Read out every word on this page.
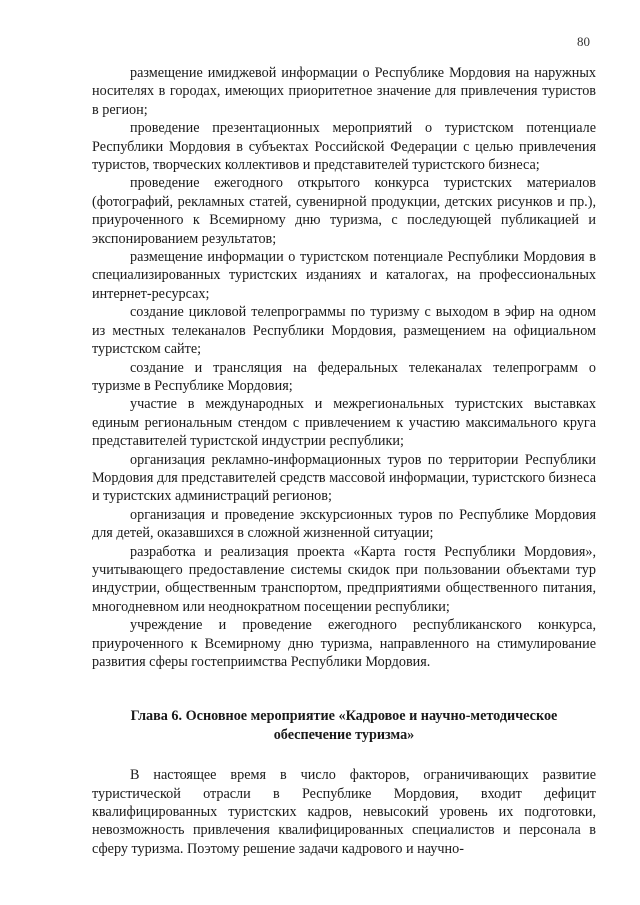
80

размещение имиджевой информации о Республике Мордовия на наружных носителях в городах, имеющих приоритетное значение для привлечения туристов в регион;

проведение презентационных мероприятий о туристском потенциале Республики Мордовия в субъектах Российской Федерации с целью привлечения туристов, творческих коллективов и представителей туристского бизнеса;

проведение ежегодного открытого конкурса туристских материалов (фотографий, рекламных статей, сувенирной продукции, детских рисунков и пр.), приуроченного к Всемирному дню туризма, с последующей публикацией и экспонированием результатов;

размещение информации о туристском потенциале Республики Мордовия в специализированных туристских изданиях и каталогах, на профессиональных интернет-ресурсах;

создание цикловой телепрограммы по туризму с выходом в эфир на одном из местных телеканалов Республики Мордовия, размещением на официальном туристском сайте;

создание и трансляция на федеральных телеканалах телепрограмм о туризме в Республике Мордовия;

участие в международных и межрегиональных туристских выставках единым региональным стендом с привлечением к участию максимального круга представителей туристской индустрии республики;

организация рекламно-информационных туров по территории Республики Мордовия для представителей средств массовой информации, туристского бизнеса и туристских администраций регионов;

организация и проведение экскурсионных туров по Республике Мордовия для детей, оказавшихся в сложной жизненной ситуации;

разработка и реализация проекта «Карта гостя Республики Мордовия», учитывающего предоставление системы скидок при пользовании объектами тур индустрии, общественным транспортом, предприятиями общественного питания, многодневном или неоднократном посещении республики;

учреждение и проведение ежегодного республиканского конкурса, приуроченного к Всемирному дню туризма, направленного на стимулирование развития сферы гостеприимства Республики Мордовия.

Глава 6. Основное мероприятие «Кадровое и научно-методическое обеспечение туризма»

В настоящее время в число факторов, ограничивающих развитие туристической отрасли в Республике Мордовия, входит дефицит квалифицированных туристских кадров, невысокий уровень их подготовки, невозможность привлечения квалифицированных специалистов и персонала в сферу туризма. Поэтому решение задачи кадрового и научно-
